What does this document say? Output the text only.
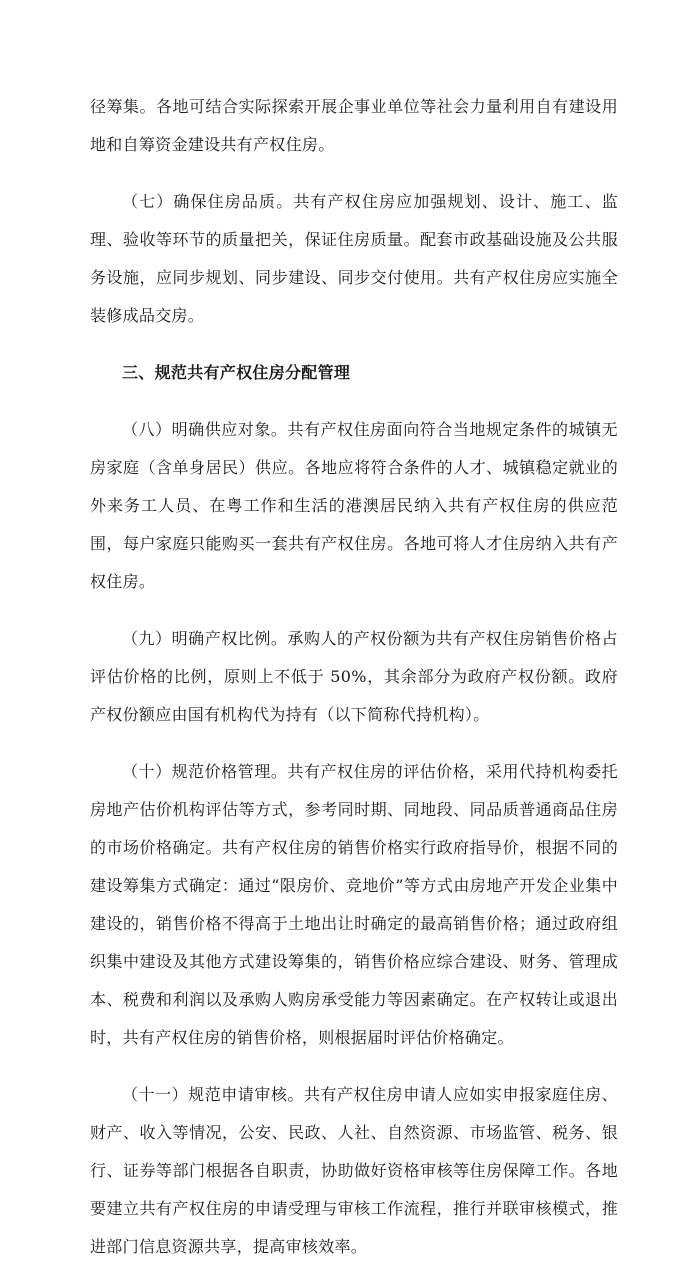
径筹集。各地可结合实际探索开展企事业单位等社会力量利用自有建设用地和自筹资金建设共有产权住房。

（七）确保住房品质。共有产权住房应加强规划、设计、施工、监理、验收等环节的质量把关，保证住房质量。配套市政基础设施及公共服务设施，应同步规划、同步建设、同步交付使用。共有产权住房应实施全装修成品交房。

三、规范共有产权住房分配管理

（八）明确供应对象。共有产权住房面向符合当地规定条件的城镇无房家庭（含单身居民）供应。各地应将符合条件的人才、城镇稳定就业的外来务工人员、在粤工作和生活的港澳居民纳入共有产权住房的供应范围，每户家庭只能购买一套共有产权住房。各地可将人才住房纳入共有产权住房。

（九）明确产权比例。承购人的产权份额为共有产权住房销售价格占评估价格的比例，原则上不低于 50%，其余部分为政府产权份额。政府产权份额应由国有机构代为持有（以下简称代持机构）。

（十）规范价格管理。共有产权住房的评估价格，采用代持机构委托房地产估价机构评估等方式，参考同时期、同地段、同品质普通商品住房的市场价格确定。共有产权住房的销售价格实行政府指导价，根据不同的建设筹集方式确定：通过“限房价、竞地价”等方式由房地产开发企业集中建设的，销售价格不得高于土地出让时确定的最高销售价格；通过政府组织集中建设及其他方式建设筹集的，销售价格应综合建设、财务、管理成本、税费和利润以及承购人购房承受能力等因素确定。在产权转让或退出时，共有产权住房的销售价格，则根据届时评估价格确定。

（十一）规范申请审核。共有产权住房申请人应如实申报家庭住房、财产、收入等情况，公安、民政、人社、自然资源、市场监管、税务、银行、证券等部门根据各自职责，协助做好资格审核等住房保障工作。各地要建立共有产权住房的申请受理与审核工作流程，推行并联审核模式，推进部门信息资源共享，提高审核效率。
